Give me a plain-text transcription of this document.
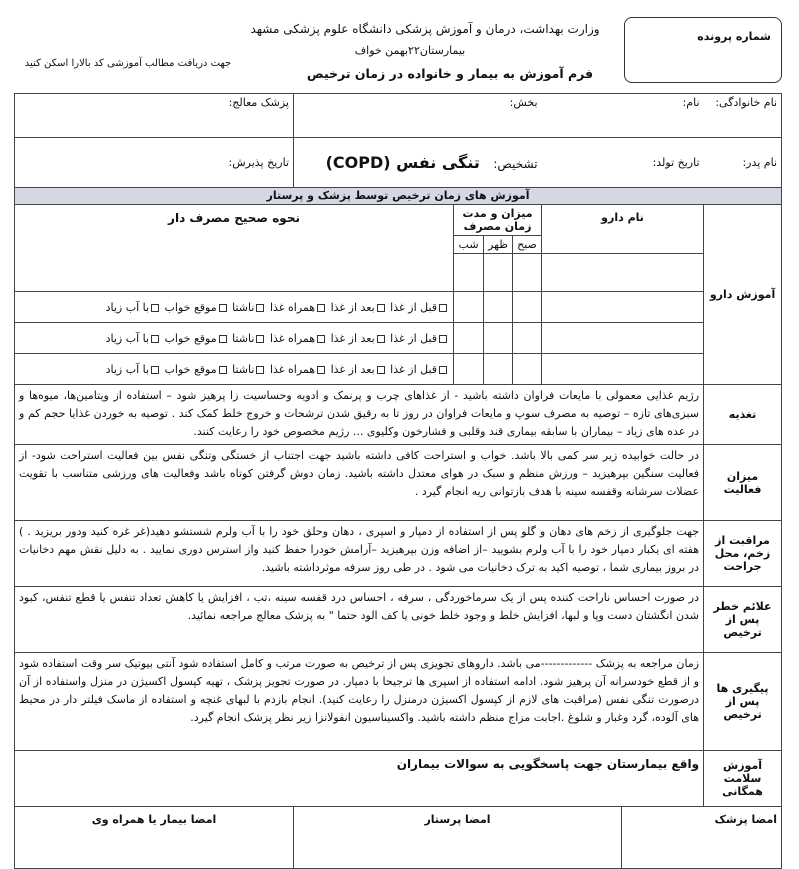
وزارت بهداشت، درمان و آموزش پزشکی دانشگاه علوم پزشکی مشهد
بیمارستان۲۲بهمن خواف
فرم آموزش به بیمار و خانواده در زمان ترخیص
جهت دریافت مطالب آموزشی کد بالارا اسکن کنید
شماره پرونده
نام خانوادگی:	نام:		بخش:				پزشک معالج:
نام پدر:	تاریخ تولد:		تشخیص: تنگی نفس (COPD)				تاریخ پذیرش:
آموزش های زمان ترخیص توسط پزشک و پرستار							
آموزش دارو	نام دارو		میزان و مدت زمان مصرف			نحوه صحیح مصرف دار	
			صبح	ظهر	شب		

						قبل از غذا بعد از غذا همراه غذا ناشتا موقع خواب با آب زیاد	
						قبل از غذا بعد از غذا همراه غذا ناشتا موقع خواب با آب زیاد	
						قبل از غذا بعد از غذا همراه غذا ناشتا موقع خواب با آب زیاد	
تغذیه	رژیم غذایی معمولی با مایعات فراوان داشته باشید - از غذاهای چرب و پرنمک و ادویه وحساسیت زا پرهیز شود – استفاده از ویتامین‌ها، میوه‌ها و سبزی‌های تازه – توصیه به مصرف سوپ و مایعات فراوان در روز تا به رقیق شدن ترشحات و خروج خلط کمک کند . توصیه به خوردن غذایا حجم کم و در عده های زیاد – بیماران با سابقه بیماری قند وقلبی و فشارخون وکلیوی ... رژیم مخصوص خود را رعایت کنند.						
میزان فعالیت	در حالت خوابیده زیر سر کمی بالا باشد. خواب و استراحت کافی داشته باشید جهت اجتناب از خستگی وتنگی نفس بین فعالیت استراحت شود- از فعالیت سنگین بپرهیزید – ورزش منظم و سبک در هوای معتدل داشته باشید. زمان دوش گرفتن کوتاه باشد وفعالیت های ورزشی متناسب با تقویت عضلات سرشانه وقفسه سینه با هدف بازتوانی ریه انجام گیرد .						
مراقبت از زخم، محل جراحت	جهت جلوگیری از زخم های دهان و گلو پس از استفاده از دمپار و اسپری ، دهان وحلق خود را با آب ولرم شستشو دهید(غر غره کنید ودور بریزید . ) هفته ای یکبار دمپار خود را با آب ولرم بشویید –از اضافه وزن بپرهیزید –آرامش خودرا حفظ کنید واز استرس دوری نمایید . به دلیل نقش مهم دخانیات در بروز بیماری شما ، توصیه اکید به ترک دخانیات می شود . در طی روز سرفه موثرداشته باشید.						
علائم خطر پس از ترخیص	در صورت احساس ناراحت کننده پس از یک سرماخوردگی ، سرفه ، احساس درد قفسه سینه ،تب ، افزایش یا کاهش تعداد تنفس یا قطع تنفس، کبود شدن انگشتان دست وپا و لبها، افزایش خلط و وجود خلط خونی یا کف الود حتما " به پزشک معالج مراجعه نمائید.						
پیگیری ها پس از ترخیص	زمان مراجعه به پزشک -------------می باشد. داروهای تجویزی پس از ترخیص به صورت مرتب و کامل استفاده شود آنتی بیوتیک سر وقت استفاده شود و از قطع خودسرانه آن پرهیز شود. ادامه استفاده از اسپری ها ترجیحا با دمپار. در صورت تجویز پزشک ، تهیه کپسول اکسیژن در منزل واستفاده از آن درصورت تنگی نفس (مراقبت های لازم از کپسول اکسیژن درمنزل را رعایت کنید). انجام بازدم با لبهای غنچه و استفاده از ماسک فیلتر دار در محیط های آلوده، گرد وغبار و شلوغ .اجابت مزاج منظم داشته باشید. واکسیناسیون انفولانزا زیر نظر پزشک انجام گیرد.						
آموزش سلامت همگانی	واقع بیمارستان جهت پاسخگویی به سوالات بیماران						
امضا پزشک		امضا پرستار					امضا بیمار یا همراه وی
